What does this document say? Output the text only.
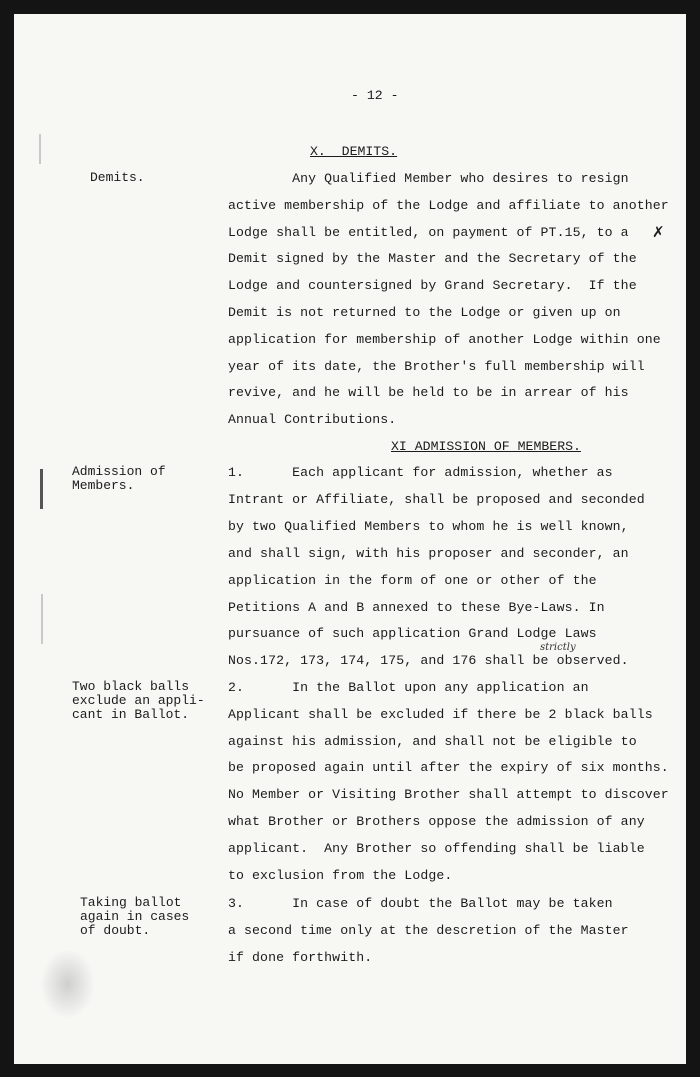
- 12 -
X.  DEMITS.
Demits.	Any Qualified Member who desires to resign
active membership of the Lodge and affiliate to another
Lodge shall be entitled, on payment of PT.15, to a
Demit signed by the Master and the Secretary of the
Lodge and countersigned by Grand Secretary.  If the
Demit is not returned to the Lodge or given up on
application for membership of another Lodge within one
year of its date, the Brother's full membership will
revive, and he will be held to be in arrear of his
Annual Contributions.
✗
XI ADMISSION OF MEMBERS.
Admission of
Members.
1.      Each applicant for admission, whether as
Intrant or Affiliate, shall be proposed and seconded
by two Qualified Members to whom he is well known,
and shall sign, with his proposer and seconder, an
application in the form of one or other of the
Petitions A and B annexed to these Bye-Laws. In
pursuance of such application Grand Lodge Laws
Nos.172, 173, 174, 175, and 176 shall be observed.
strictly
Two black balls
exclude an appli-
cant in Ballot.
2.      In the Ballot upon any application an
Applicant shall be excluded if there be 2 black balls
against his admission, and shall not be eligible to
be proposed again until after the expiry of six months.
No Member or Visiting Brother shall attempt to discover
what Brother or Brothers oppose the admission of any
applicant.  Any Brother so offending shall be liable
to exclusion from the Lodge.
Taking ballot
again in cases
of doubt.
3.      In case of doubt the Ballot may be taken
a second time only at the descretion of the Master
if done forthwith.
